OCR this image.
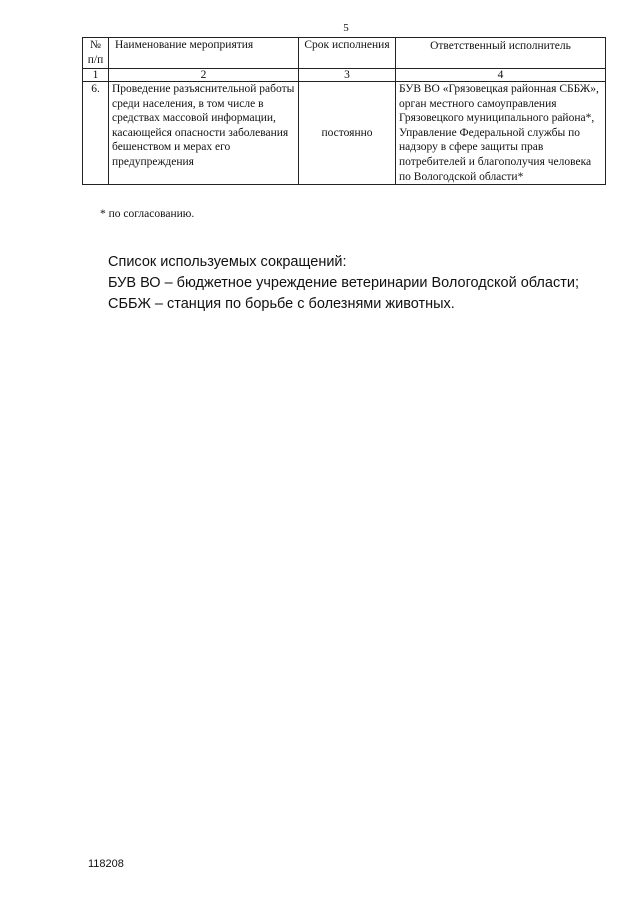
5
№ п/п	Наименование мероприятия	Срок исполнения	Ответственный исполнитель
1	2	3	4
6.	Проведение разъяснительной работы среди населения, в том числе в средствах массовой информации, касающейся опасности заболевания бешенством и мерах его предупреждения	постоянно	БУВ ВО «Грязовецкая районная СББЖ», орган местного самоуправления Грязовецкого муниципального района*,
Управление Федеральной службы по надзору в сфере защиты прав потребителей и благополучия человека по Вологодской области*
* по согласованию.
Список используемых сокращений:
БУВ ВО – бюджетное учреждение ветеринарии Вологодской области;
СББЖ – станция по борьбе с болезнями животных.
118208
